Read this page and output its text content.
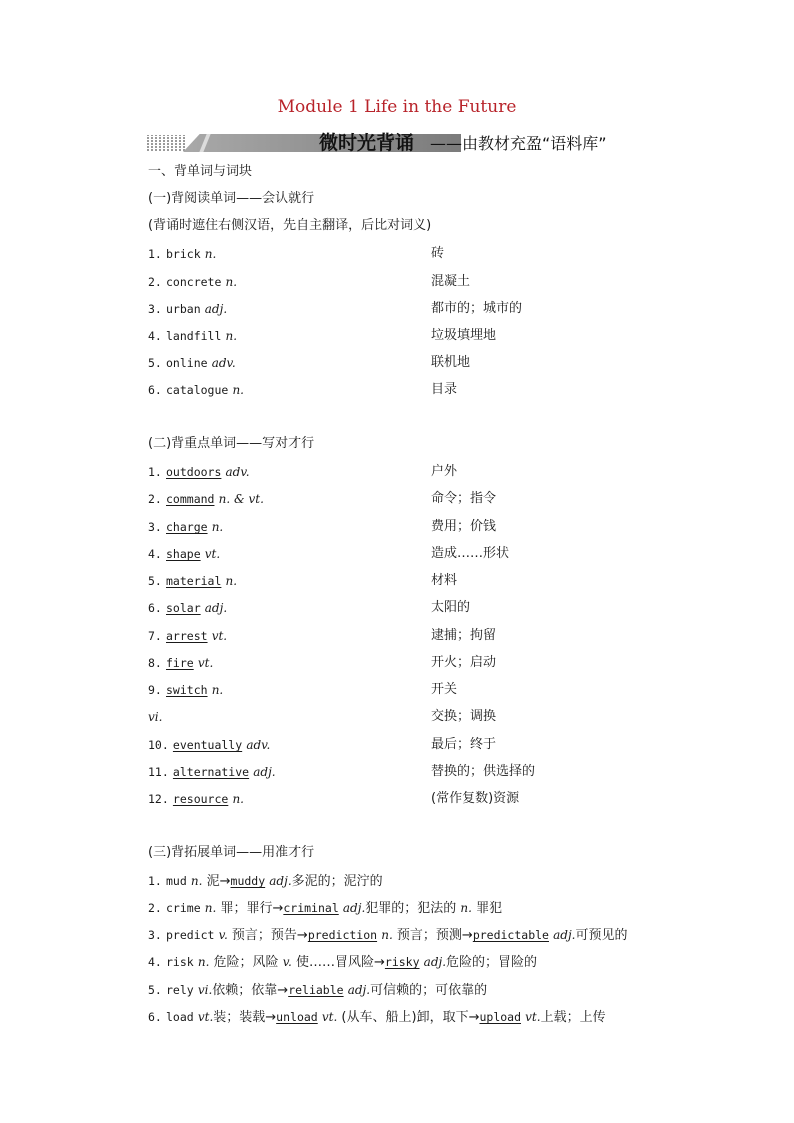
Module 1 Life in the Future
微时光背诵 ——由教材充盈“语料库”
一、背单词与词块
(一)背阅读单词——会认就行
(背诵时遮住右侧汉语，先自主翻译，后比对词义)
1. brick n.	砖
2. concrete n.	混凝土
3. urban adj.	都市的；城市的
4. landfill n.	垃圾填埋地
5. online adv.	联机地
6. catalogue n.	目录
(二)背重点单词——写对才行
1. outdoors adv.	户外
2. command n. & vt.	命令；指令
3. charge n.	费用；价钱
4. shape vt.	造成……形状
5. material n.	材料
6. solar adj.	太阳的
7. arrest vt.	逮捕；拘留
8. fire vt.	开火；启动
9. switch n.	开关
vi.	交换；调换
10. eventually adv.	最后；终于
11. alternative adj.	替换的；供选择的
12. resource n.	(常作复数)资源
(三)背拓展单词——用准才行
1. mud n. 泥→muddy adj.多泥的；泥泞的
2. crime n. 罪；罪行→criminal adj.犯罪的；犯法的 n. 罪犯
3. predict v. 预言；预告→prediction n. 预言；预测→predictable adj.可预见的
4. risk n. 危险；风险 v. 使……冒风险→risky adj.危险的；冒险的
5. rely vi.依赖；依靠→reliable adj.可信赖的；可依靠的
6. load vt.装；装载→unload vt. (从车、船上)卸，取下→upload vt.上载；上传
